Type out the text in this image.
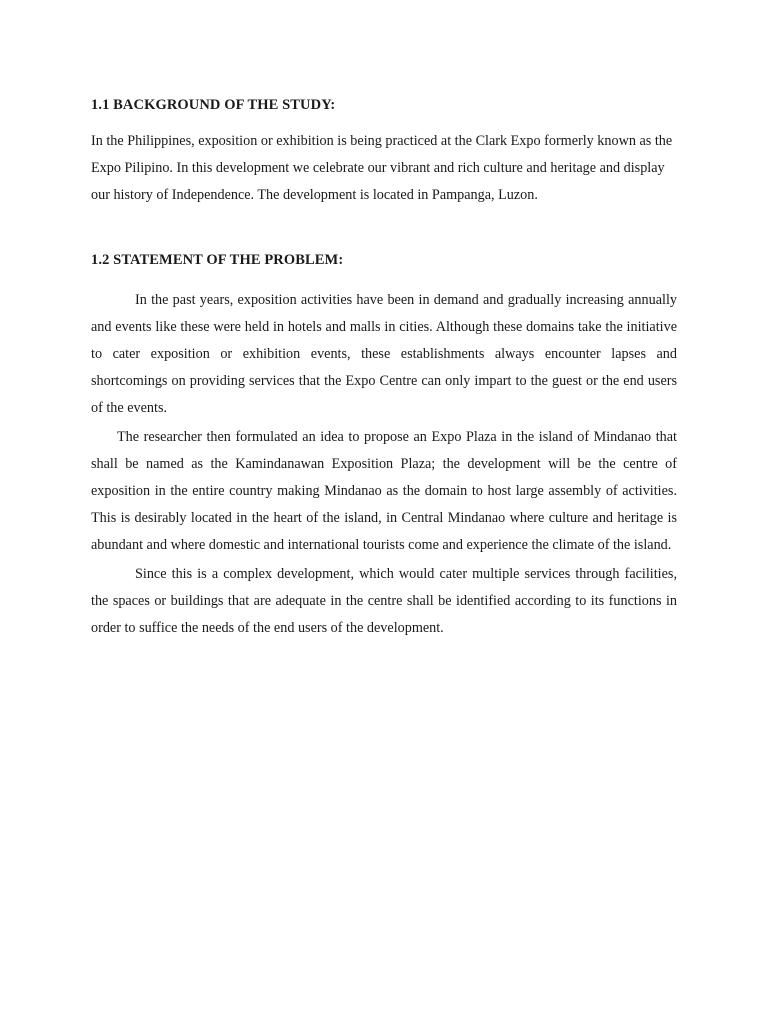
1.1 BACKGROUND OF THE STUDY:

In the Philippines, exposition or exhibition is being practiced at the Clark Expo formerly known as the Expo Pilipino. In this development we celebrate our vibrant and rich culture and heritage and display our history of Independence. The development is located in Pampanga, Luzon.

1.2 STATEMENT OF THE PROBLEM:

In the past years, exposition activities have been in demand and gradually increasing annually and events like these were held in hotels and malls in cities. Although these domains take the initiative to cater exposition or exhibition events, these establishments always encounter lapses and shortcomings on providing services that the Expo Centre can only impart to the guest or the end users of the events.

The researcher then formulated an idea to propose an Expo Plaza in the island of Mindanao that shall be named as the Kamindanawan Exposition Plaza; the development will be the centre of exposition in the entire country making Mindanao as the domain to host large assembly of activities. This is desirably located in the heart of the island, in Central Mindanao where culture and heritage is abundant and where domestic and international tourists come and experience the climate of the island.

Since this is a complex development, which would cater multiple services through facilities, the spaces or buildings that are adequate in the centre shall be identified according to its functions in order to suffice the needs of the end users of the development.
